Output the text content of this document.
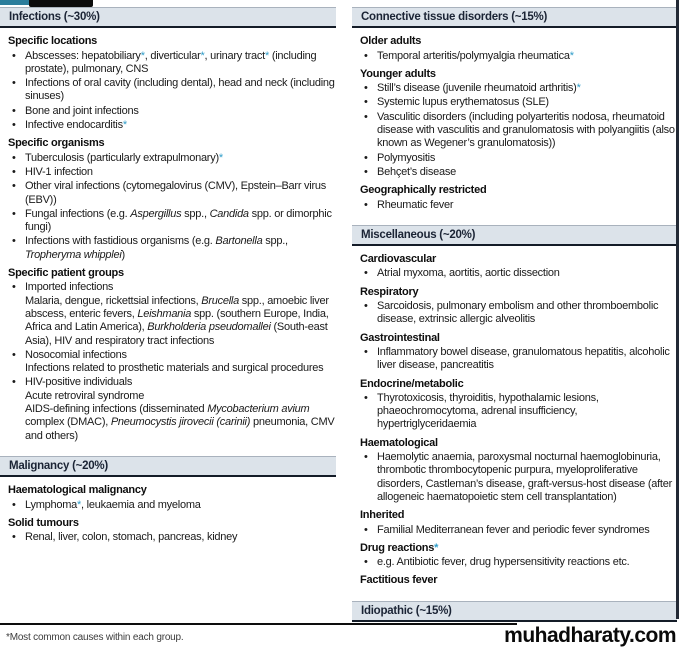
Infections (~30%)
Specific locations
• Abscesses: hepatobiliary*, diverticular*, urinary tract* (including prostate), pulmonary, CNS
• Infections of oral cavity (including dental), head and neck (including sinuses)
• Bone and joint infections
• Infective endocarditis*
Specific organisms
• Tuberculosis (particularly extrapulmonary)*
• HIV-1 infection
• Other viral infections (cytomegalovirus (CMV), Epstein–Barr virus (EBV))
• Fungal infections (e.g. Aspergillus spp., Candida spp. or dimorphic fungi)
• Infections with fastidious organisms (e.g. Bartonella spp., Tropheryma whipplei)
Specific patient groups
• Imported infections
Malaria, dengue, rickettsial infections, Brucella spp., amoebic liver abscess, enteric fevers, Leishmania spp. (southern Europe, India, Africa and Latin America), Burkholderia pseudomallei (South-east Asia), HIV and respiratory tract infections
• Nosocomial infections
Infections related to prosthetic materials and surgical procedures
• HIV-positive individuals
Acute retroviral syndrome
AIDS-defining infections (disseminated Mycobacterium avium complex (DMAC), Pneumocystis jirovecii (carinii) pneumonia, CMV and others)
Malignancy (~20%)
Haematological malignancy
• Lymphoma*, leukaemia and myeloma
Solid tumours
• Renal, liver, colon, stomach, pancreas, kidney
Connective tissue disorders (~15%)
Older adults
• Temporal arteritis/polymyalgia rheumatica*
Younger adults
• Still’s disease (juvenile rheumatoid arthritis)*
• Systemic lupus erythematosus (SLE)
• Vasculitic disorders (including polyarteritis nodosa, rheumatoid disease with vasculitis and granulomatosis with polyangiitis (also known as Wegener’s granulomatosis))
• Polymyositis
• Behçet’s disease
Geographically restricted
• Rheumatic fever
Miscellaneous (~20%)
Cardiovascular
• Atrial myxoma, aortitis, aortic dissection
Respiratory
• Sarcoidosis, pulmonary embolism and other thromboembolic disease, extrinsic allergic alveolitis
Gastrointestinal
• Inflammatory bowel disease, granulomatous hepatitis, alcoholic liver disease, pancreatitis
Endocrine/metabolic
• Thyrotoxicosis, thyroiditis, hypothalamic lesions, phaeochromocytoma, adrenal insufficiency, hypertriglyceridaemia
Haematological
• Haemolytic anaemia, paroxysmal nocturnal haemoglobinuria, thrombotic thrombocytopenic purpura, myeloproliferative disorders, Castleman’s disease, graft-versus-host disease (after allogeneic haematopoietic stem cell transplantation)
Inherited
• Familial Mediterranean fever and periodic fever syndromes
Drug reactions*
• e.g. Antibiotic fever, drug hypersensitivity reactions etc.
Factitious fever
Idiopathic (~15%)
*Most common causes within each group.	muhadharaty.com
